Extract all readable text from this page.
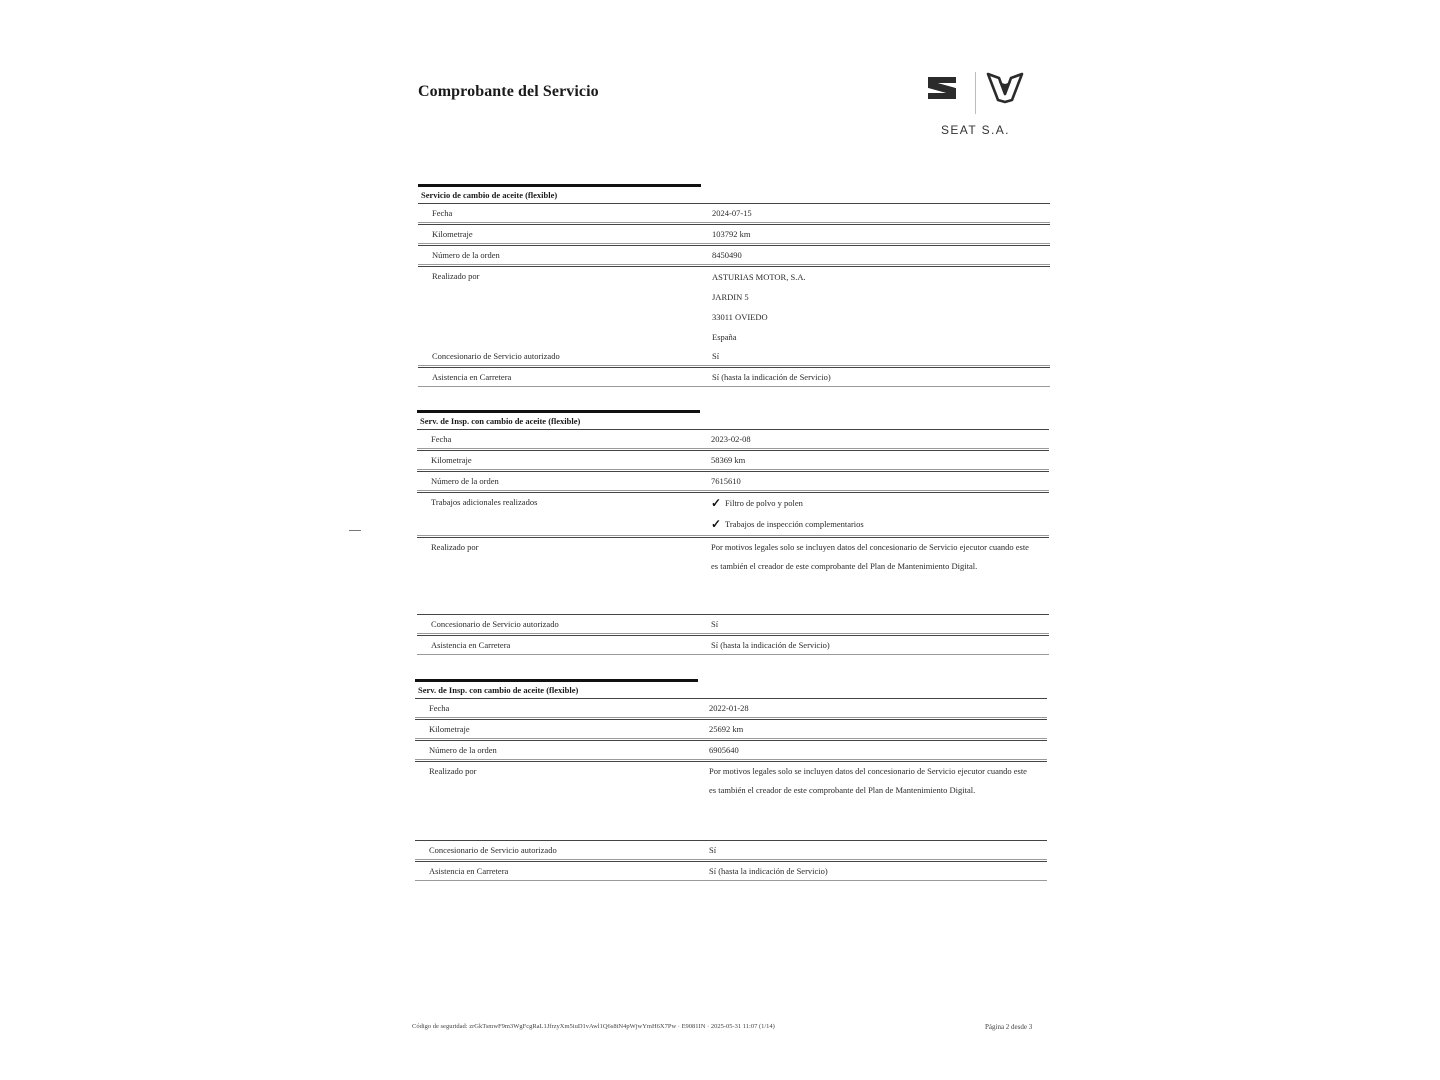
Comprobante del Servicio
SEAT S.A.
Servicio de cambio de aceite (flexible)
Fecha	2024-07-15
Kilometraje	103792 km
Número de la orden	8450490
Realizado por	ASTURIAS MOTOR, S.A.
JARDIN 5
33011 OVIEDO
España
Concesionario de Servicio autorizado	Sí
Asistencia en Carretera	Sí (hasta la indicación de Servicio)
Serv. de Insp. con cambio de aceite (flexible)
Fecha	2023-02-08
Kilometraje	58369 km
Número de la orden	7615610
Trabajos adicionales realizados	✓ Filtro de polvo y polen
✓ Trabajos de inspección complementarios
Realizado por	Por motivos legales solo se incluyen datos del concesionario de Servicio ejecutor cuando este es también el creador de este comprobante del Plan de Mantenimiento Digital.
Concesionario de Servicio autorizado	Sí
Asistencia en Carretera	Sí (hasta la indicación de Servicio)
Serv. de Insp. con cambio de aceite (flexible)
Fecha	2022-01-28
Kilometraje	25692 km
Número de la orden	6905640
Realizado por	Por motivos legales solo se incluyen datos del concesionario de Servicio ejecutor cuando este es también el creador de este comprobante del Plan de Mantenimiento Digital.
Concesionario de Servicio autorizado	Sí
Asistencia en Carretera	Sí (hasta la indicación de Servicio)
Código de seguridad: zrGkTsmwF9m3WgFcgRaL1JfrzyXm5iuD1vAwl1Q6s8tN4pWjwYmH6X7Pw · E9081IN · 2025-05-31 11:07 (1/14)	Página 2 desde 3
